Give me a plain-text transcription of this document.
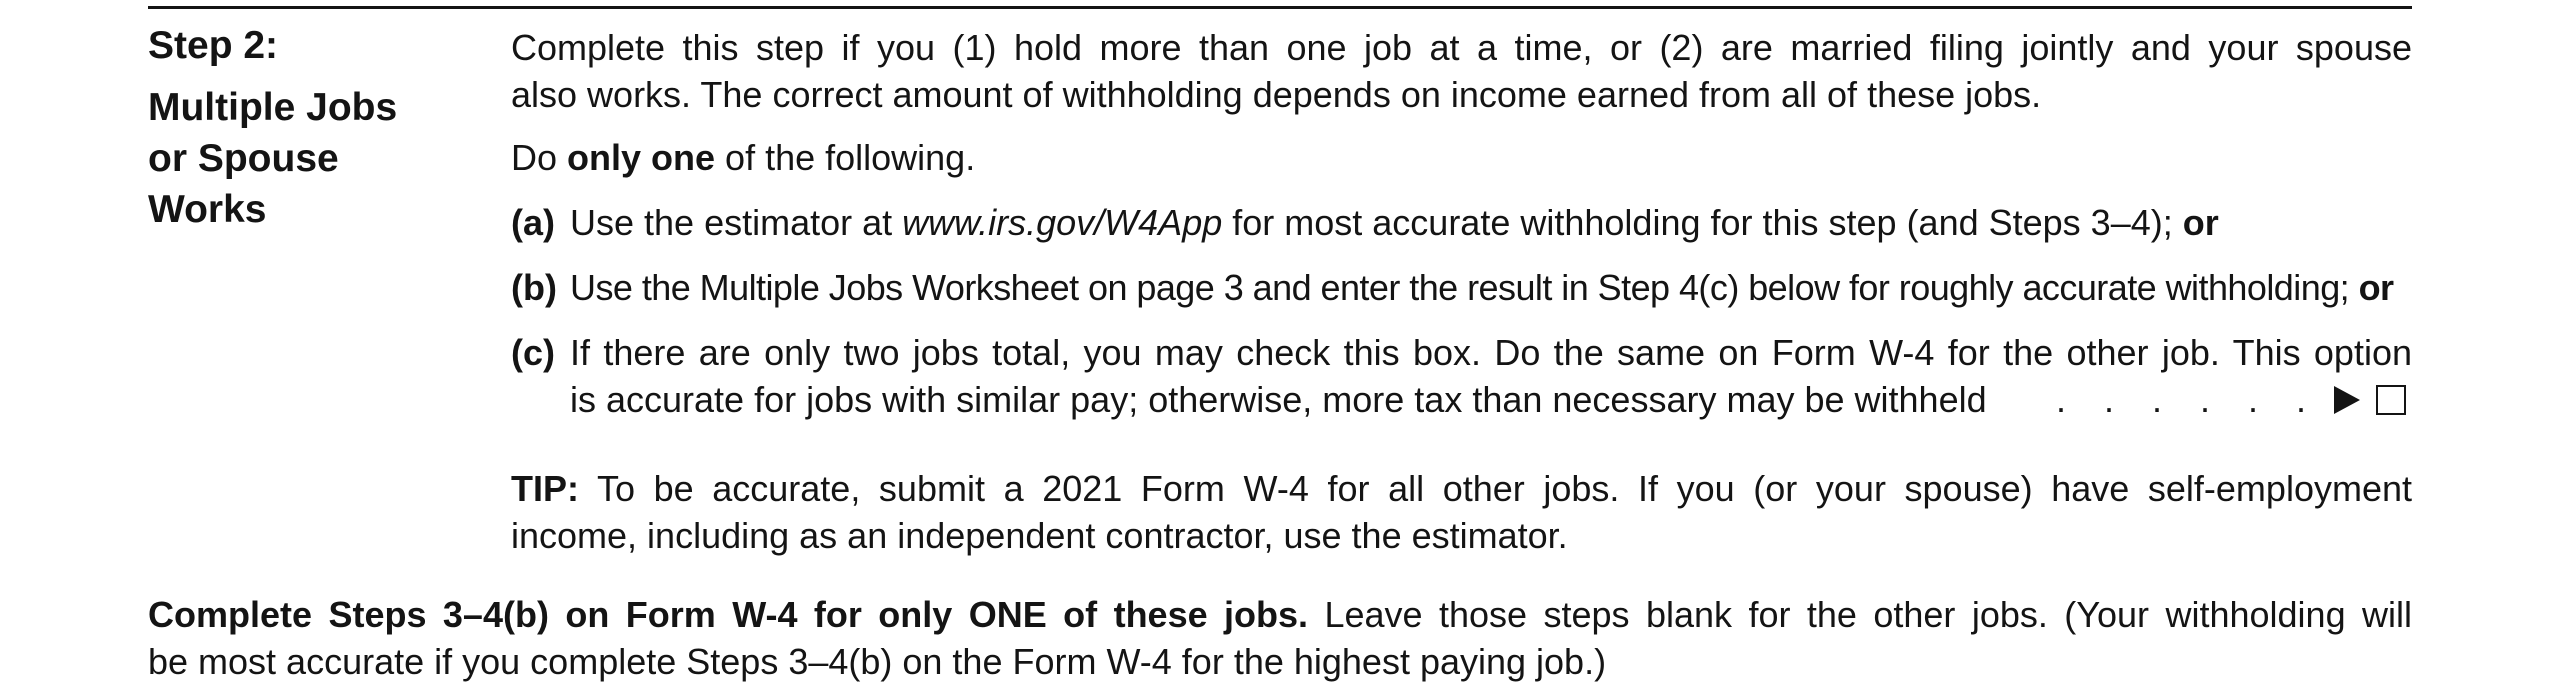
Step 2:
Multiple Jobs
or Spouse
Works
Complete this step if you (1) hold more than one job at a time, or (2) are married filing jointly and your spouse
also works. The correct amount of withholding depends on income earned from all of these jobs.
Do only one of the following.
(a) Use the estimator at www.irs.gov/W4App for most accurate withholding for this step (and Steps 3–4); or
(b) Use the Multiple Jobs Worksheet on page 3 and enter the result in Step 4(c) below for roughly accurate withholding; or
(c) If there are only two jobs total, you may check this box. Do the same on Form W-4 for the other job. This option
is accurate for jobs with similar pay; otherwise, more tax than necessary may be withheld	. . . . . .
TIP: To be accurate, submit a 2021 Form W-4 for all other jobs. If you (or your spouse) have self-employment
income, including as an independent contractor, use the estimator.
Complete Steps 3–4(b) on Form W-4 for only ONE of these jobs. Leave those steps blank for the other jobs. (Your withholding will
be most accurate if you complete Steps 3–4(b) on the Form W-4 for the highest paying job.)
